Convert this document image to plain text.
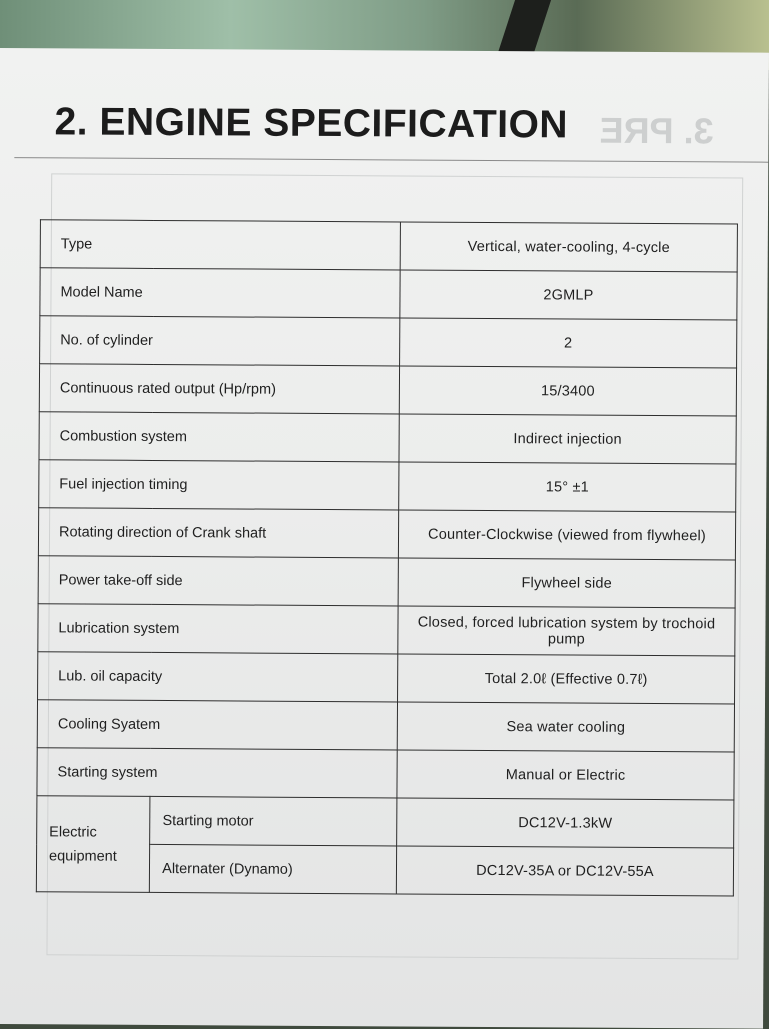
3. PRE
2. ENGINE SPECIFICATION
Type		Vertical, water-cooling, 4-cycle
Model Name		2GMLP
No. of cylinder		2
Continuous rated output (Hp/rpm)		15/3400
Combustion system		Indirect injection
Fuel injection timing		15° ±1
Rotating direction of Crank shaft		Counter-Clockwise (viewed from flywheel)
Power take-off side		Flywheel side
Lubrication system		Closed, forced lubrication system by trochoid pump
Lub. oil capacity		Total 2.0ℓ (Effective 0.7ℓ)
Cooling Syatem		Sea water cooling
Starting system		Manual or Electric
Electric equipment	Starting motor	DC12V-1.3kW
	Alternater (Dynamo)	DC12V-35A or DC12V-55A
